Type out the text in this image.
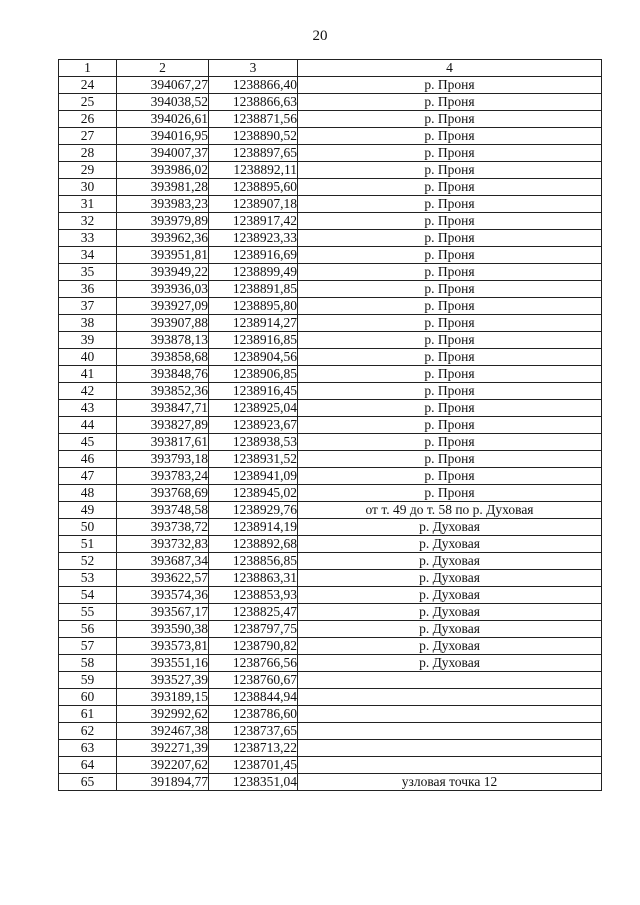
20
1	2	3	4
24	394067,27	1238866,40	р. Проня
25	394038,52	1238866,63	р. Проня
26	394026,61	1238871,56	р. Проня
27	394016,95	1238890,52	р. Проня
28	394007,37	1238897,65	р. Проня
29	393986,02	1238892,11	р. Проня
30	393981,28	1238895,60	р. Проня
31	393983,23	1238907,18	р. Проня
32	393979,89	1238917,42	р. Проня
33	393962,36	1238923,33	р. Проня
34	393951,81	1238916,69	р. Проня
35	393949,22	1238899,49	р. Проня
36	393936,03	1238891,85	р. Проня
37	393927,09	1238895,80	р. Проня
38	393907,88	1238914,27	р. Проня
39	393878,13	1238916,85	р. Проня
40	393858,68	1238904,56	р. Проня
41	393848,76	1238906,85	р. Проня
42	393852,36	1238916,45	р. Проня
43	393847,71	1238925,04	р. Проня
44	393827,89	1238923,67	р. Проня
45	393817,61	1238938,53	р. Проня
46	393793,18	1238931,52	р. Проня
47	393783,24	1238941,09	р. Проня
48	393768,69	1238945,02	р. Проня
49	393748,58	1238929,76	от т. 49 до т. 58 по р. Духовая
50	393738,72	1238914,19	р. Духовая
51	393732,83	1238892,68	р. Духовая
52	393687,34	1238856,85	р. Духовая
53	393622,57	1238863,31	р. Духовая
54	393574,36	1238853,93	р. Духовая
55	393567,17	1238825,47	р. Духовая
56	393590,38	1238797,75	р. Духовая
57	393573,81	1238790,82	р. Духовая
58	393551,16	1238766,56	р. Духовая
59	393527,39	1238760,67	
60	393189,15	1238844,94	
61	392992,62	1238786,60	
62	392467,38	1238737,65	
63	392271,39	1238713,22	
64	392207,62	1238701,45	
65	391894,77	1238351,04	узловая точка 12
